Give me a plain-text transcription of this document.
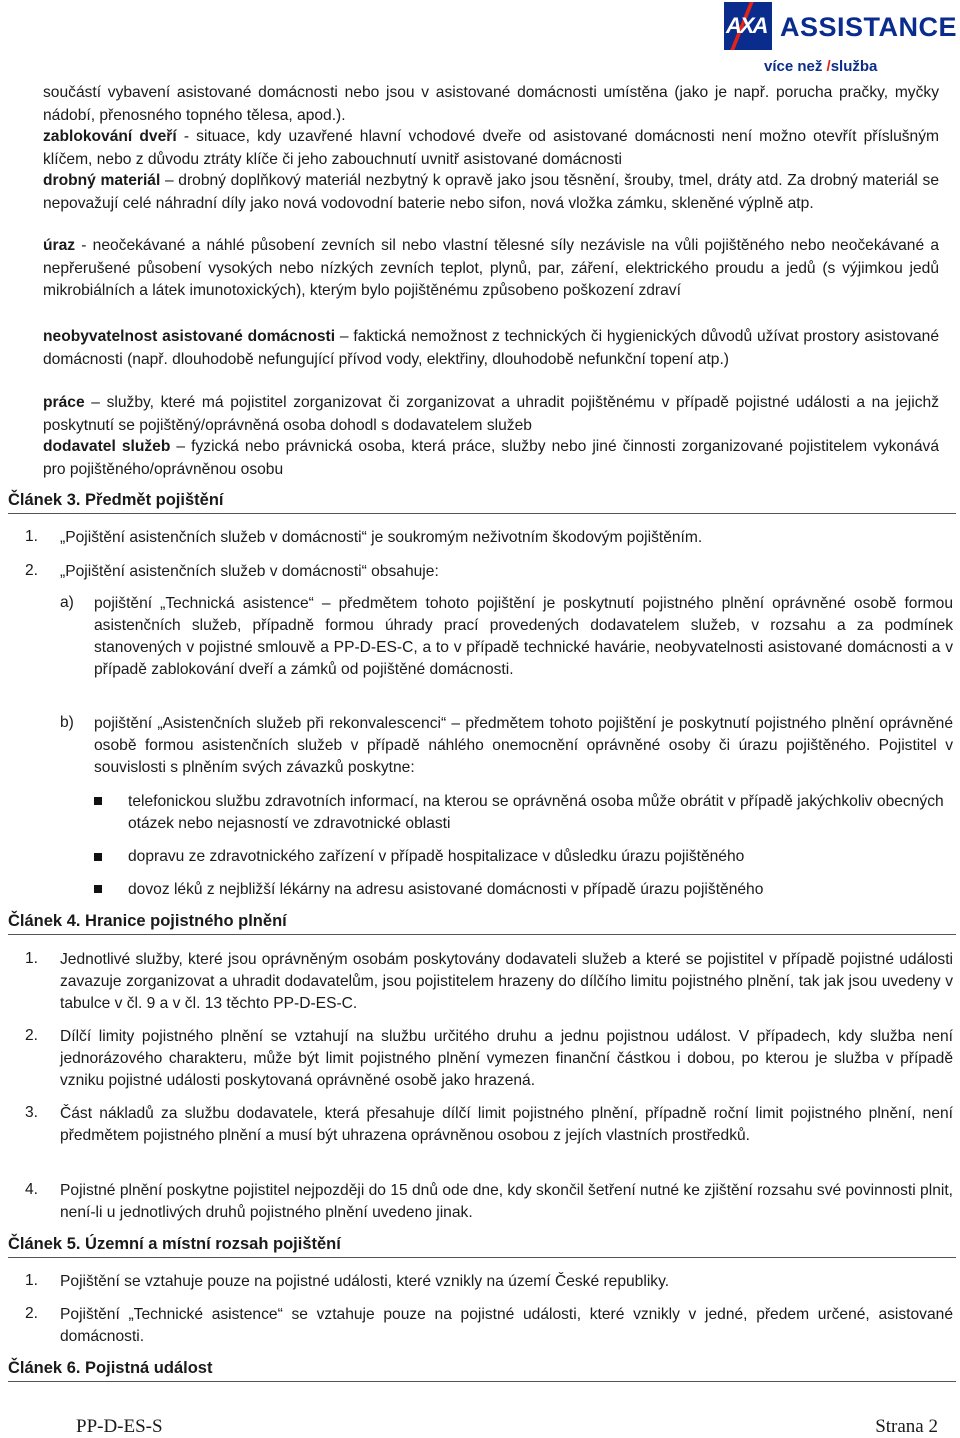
AXA ASSISTANCE
více než /služba
součástí vybavení asistované domácnosti nebo jsou v asistované domácnosti umístěna (jako je např. porucha pračky, myčky nádobí, přenosného topného tělesa, apod.).
zablokování dveří - situace, kdy uzavřené hlavní vchodové dveře od asistované domácnosti není možno otevřít příslušným klíčem, nebo z důvodu ztráty klíče či jeho zabouchnutí uvnitř asistované domácnosti
drobný materiál – drobný doplňkový materiál nezbytný k opravě jako jsou těsnění, šrouby, tmel, dráty atd. Za drobný materiál se nepovažují celé náhradní díly jako nová vodovodní baterie nebo sifon, nová vložka zámku, skleněné výplně atp.
úraz - neočekávané a náhlé působení zevních sil nebo vlastní tělesné síly nezávisle na vůli pojištěného nebo neočekávané a nepřerušené působení vysokých nebo nízkých zevních teplot, plynů, par, záření, elektrického proudu a jedů (s výjimkou jedů mikrobiálních a látek imunotoxických), kterým bylo pojištěnému způsobeno poškození zdraví
neobyvatelnost asistované domácnosti – faktická nemožnost z technických či hygienických důvodů užívat prostory asistované domácnosti (např. dlouhodobě nefungující přívod vody, elektřiny, dlouhodobě nefunkční topení atp.)
práce – služby, které má pojistitel zorganizovat či zorganizovat a uhradit pojištěnému v případě pojistné události a na jejichž poskytnutí se pojištěný/oprávněná osoba dohodl s dodavatelem služeb
dodavatel služeb – fyzická nebo právnická osoba, která práce, služby nebo jiné činnosti zorganizované pojistitelem vykonává pro pojištěného/oprávněnou osobu
Článek 3. Předmět pojištění
1. „Pojištění asistenčních služeb v domácnosti“ je soukromým neživotním škodovým pojištěním.
2. „Pojištění asistenčních služeb v domácnosti“ obsahuje:
a) pojištění „Technická asistence“ – předmětem tohoto pojištění je poskytnutí pojistného plnění oprávněné osobě formou asistenčních služeb, případně formou úhrady prací provedených dodavatelem služeb, v rozsahu a za podmínek stanovených v pojistné smlouvě a PP-D-ES-C, a to v případě technické havárie, neobyvatelnosti asistované domácnosti a v případě zablokování dveří a zámků od pojištěné domácnosti.
b) pojištění „Asistenčních služeb při rekonvalescenci“ – předmětem tohoto pojištění je poskytnutí pojistného plnění oprávněné osobě formou asistenčních služeb v případě náhlého onemocnění oprávněné osoby či úrazu pojištěného. Pojistitel v souvislosti s plněním svých závazků poskytne:
telefonickou službu zdravotních informací, na kterou se oprávněná osoba může obrátit v případě jakýchkoliv obecných otázek nebo nejasností ve zdravotnické oblasti
dopravu ze zdravotnického zařízení v případě hospitalizace v důsledku úrazu pojištěného
dovoz léků z nejbližší lékárny na adresu asistované domácnosti v případě úrazu pojištěného
Článek 4. Hranice pojistného plnění
1. Jednotlivé služby, které jsou oprávněným osobám poskytovány dodavateli služeb a které se pojistitel v případě pojistné události zavazuje zorganizovat a uhradit dodavatelům, jsou pojistitelem hrazeny do dílčího limitu pojistného plnění, tak jak jsou uvedeny v tabulce v čl. 9 a v čl. 13 těchto PP-D-ES-C.
2. Dílčí limity pojistného plnění se vztahují na službu určitého druhu a jednu pojistnou událost. V případech, kdy služba není jednorázového charakteru, může být limit pojistného plnění vymezen finanční částkou i dobou, po kterou je služba v případě vzniku pojistné události poskytovaná oprávněné osobě jako hrazená.
3. Část nákladů za službu dodavatele, která přesahuje dílčí limit pojistného plnění, případně roční limit pojistného plnění, není předmětem pojistného plnění a musí být uhrazena oprávněnou osobou z jejích vlastních prostředků.
4. Pojistné plnění poskytne pojistitel nejpozději do 15 dnů ode dne, kdy skončil šetření nutné ke zjištění rozsahu své povinnosti plnit, není-li u jednotlivých druhů pojistného plnění uvedeno jinak.
Článek 5. Územní a místní rozsah pojištění
1. Pojištění se vztahuje pouze na pojistné události, které vznikly na území České republiky.
2. Pojištění „Technické asistence“ se vztahuje pouze na pojistné události, které vznikly v jedné, předem určené, asistované domácnosti.
Článek 6. Pojistná událost
PP-D-ES-S	Strana 2
